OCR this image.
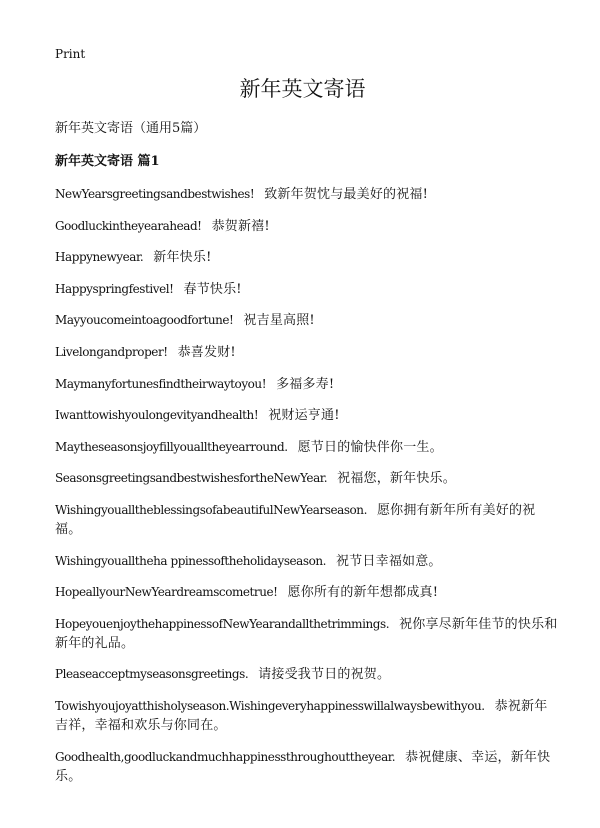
Print
新年英文寄语
新年英文寄语（通用5篇）
新年英文寄语 篇1
NewYearsgreetingsandbestwishes! 致新年贺忱与最美好的祝福!
Goodluckintheyearahead! 恭贺新禧!
Happynewyear. 新年快乐!
Happyspringfestivel! 春节快乐!
Mayyoucomeintoagoodfortune! 祝吉星高照!
Livelongandproper! 恭喜发财!
Maymanyfortunesfindtheirwaytoyou! 多福多寿!
Iwanttowishyoulongevityandhealth! 祝财运亨通!
Maytheseasonsjoyfillyoualltheyearround. 愿节日的愉快伴你一生。
SeasonsgreetingsandbestwishesfortheNewYear. 祝福您，新年快乐。
WishingyoualltheblessingsofabeautifulNewYearseason. 愿你拥有新年所有美好的祝福。
Wishingyoualltheha ppinessoftheholidayseason. 祝节日幸福如意。
HopeallyourNewYeardreamscometrue! 愿你所有的新年想都成真!
HopeyouenjoythehappinessofNewYearandallthetrimmings. 祝你享尽新年佳节的快乐和新年的礼品。
Pleaseacceptmyseasonsgreetings. 请接受我节日的祝贺。
Towishyoujoyatthisholyseason.Wishingeveryhappinesswillalwaysbewithyou. 恭祝新年吉祥，幸福和欢乐与你同在。
Goodhealth,goodluckandmuchhappinessthroughouttheyear. 恭祝健康、幸运，新年快乐。
